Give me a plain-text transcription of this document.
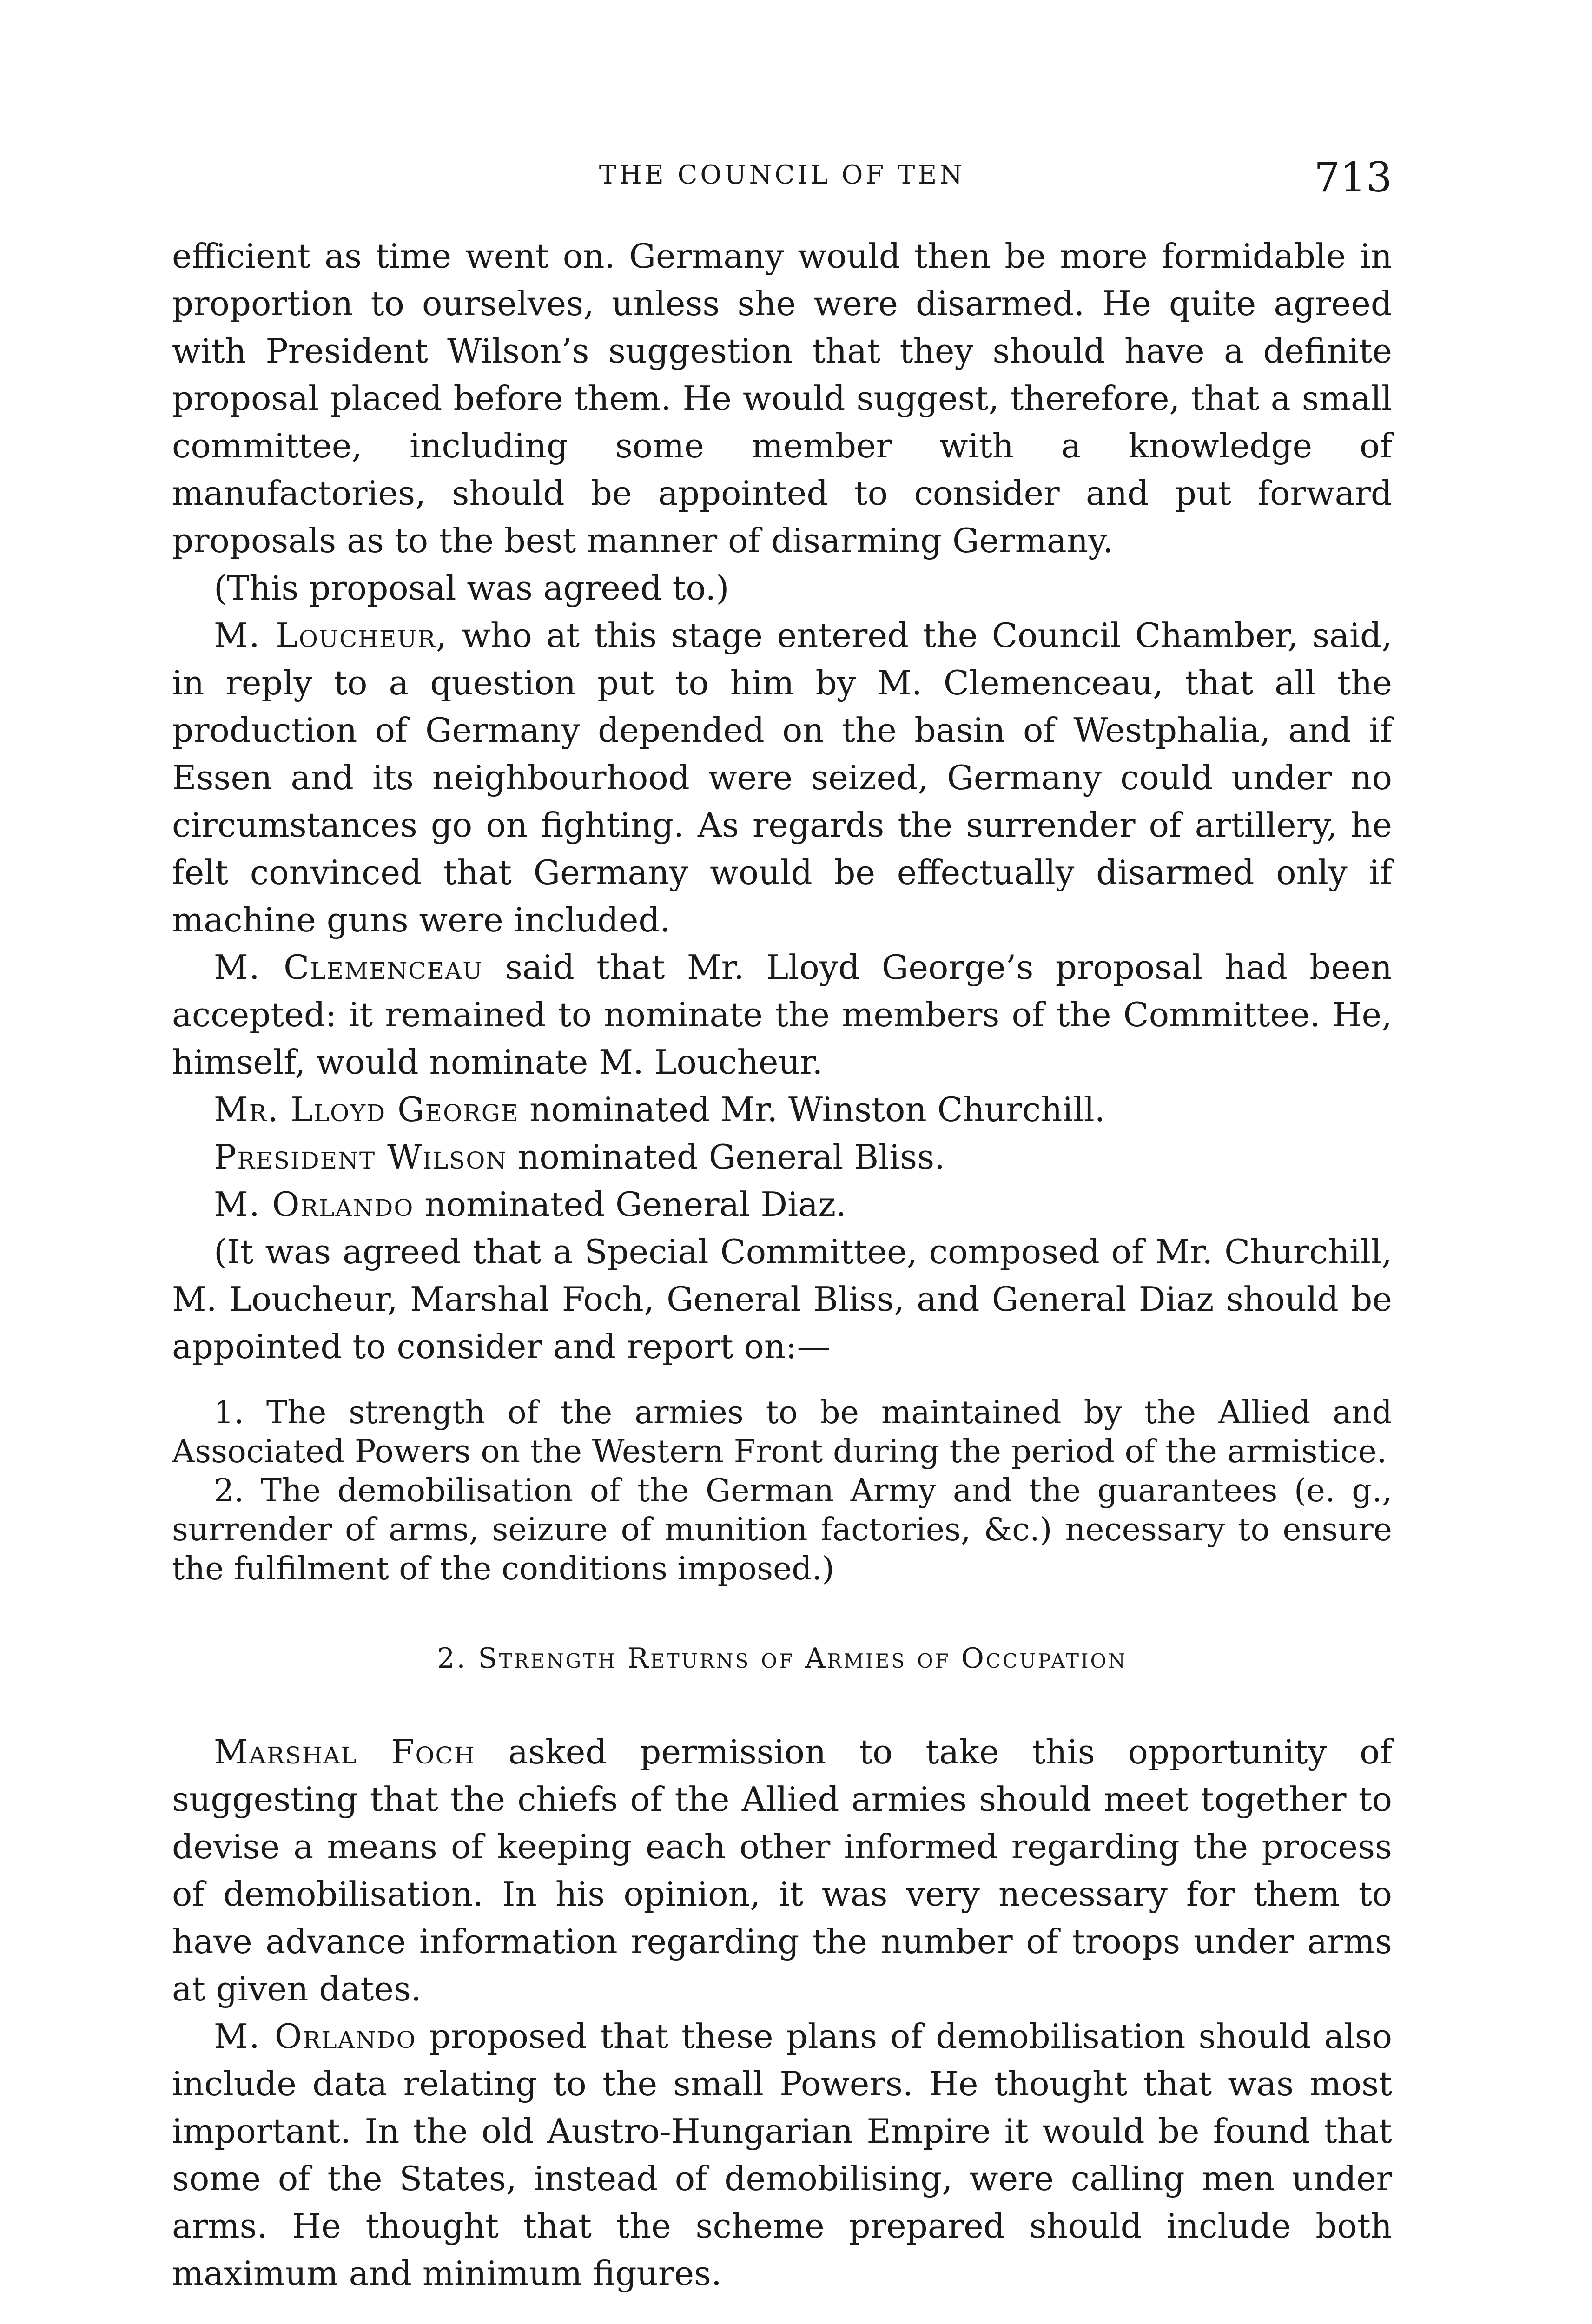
THE COUNCIL OF TEN	713

efficient as time went on. Germany would then be more formidable in proportion to ourselves, unless she were disarmed. He quite agreed with President Wilson’s suggestion that they should have a definite proposal placed before them. He would suggest, therefore, that a small committee, including some member with a knowledge of manufactories, should be appointed to consider and put forward proposals as to the best manner of disarming Germany.

(This proposal was agreed to.)

M. Loucheur, who at this stage entered the Council Chamber, said, in reply to a question put to him by M. Clemenceau, that all the production of Germany depended on the basin of Westphalia, and if Essen and its neighbourhood were seized, Germany could under no circumstances go on fighting. As regards the surrender of artillery, he felt convinced that Germany would be effectually disarmed only if machine guns were included.

M. Clemenceau said that Mr. Lloyd George’s proposal had been accepted: it remained to nominate the members of the Committee. He, himself, would nominate M. Loucheur.

Mr. Lloyd George nominated Mr. Winston Churchill.

President Wilson nominated General Bliss.

M. Orlando nominated General Diaz.

(It was agreed that a Special Committee, composed of Mr. Churchill, M. Loucheur, Marshal Foch, General Bliss, and General Diaz should be appointed to consider and report on:—

1. The strength of the armies to be maintained by the Allied and Associated Powers on the Western Front during the period of the armistice.

2. The demobilisation of the German Army and the guarantees (e. g., surrender of arms, seizure of munition factories, &c.) necessary to ensure the fulfilment of the conditions imposed.)

2. Strength Returns of Armies of Occupation

Marshal Foch asked permission to take this opportunity of suggesting that the chiefs of the Allied armies should meet together to devise a means of keeping each other informed regarding the process of demobilisation. In his opinion, it was very necessary for them to have advance information regarding the number of troops under arms at given dates.

M. Orlando proposed that these plans of demobilisation should also include data relating to the small Powers. He thought that was most important. In the old Austro-Hungarian Empire it would be found that some of the States, instead of demobilising, were calling men under arms. He thought that the scheme prepared should include both maximum and minimum figures.
